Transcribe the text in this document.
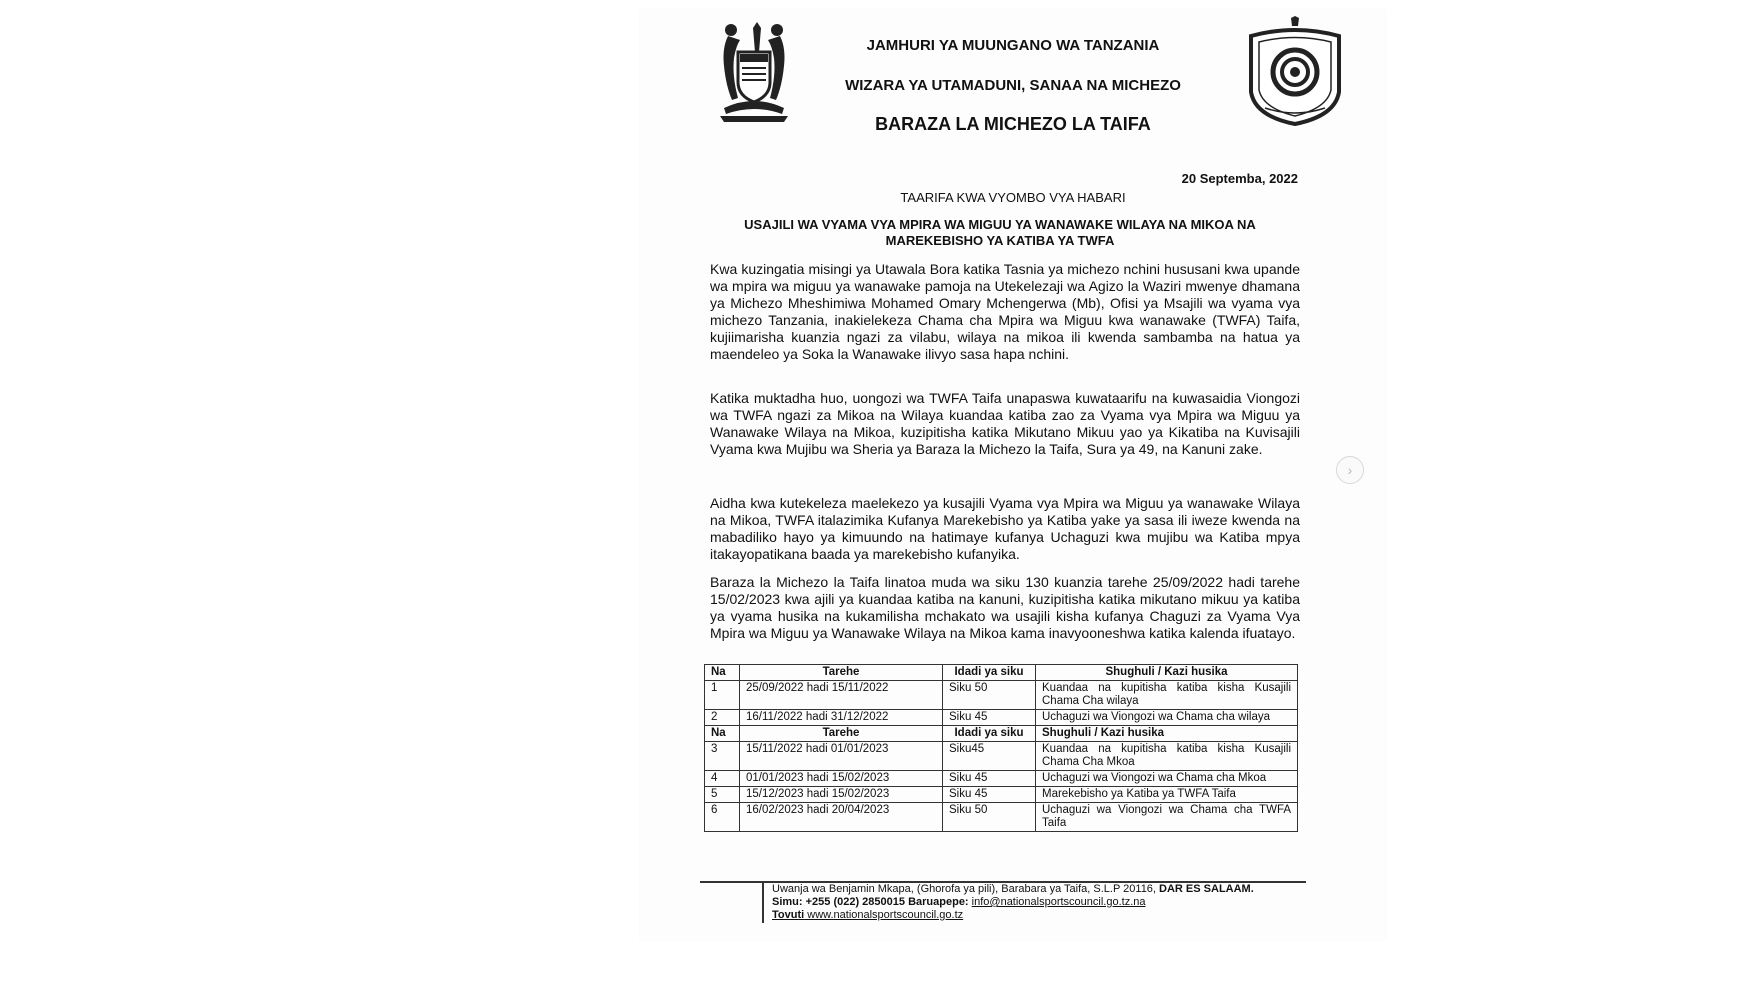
JAMHURI YA MUUNGANO WA TANZANIA
WIZARA YA UTAMADUNI, SANAA NA MICHEZO
BARAZA LA MICHEZO LA TAIFA
20 Septemba, 2022
TAARIFA KWA VYOMBO VYA HABARI
USAJILI WA VYAMA VYA MPIRA WA MIGUU YA WANAWAKE WILAYA NA MIKOA NA MAREKEBISHO YA KATIBA YA TWFA

Kwa kuzingatia misingi ya Utawala Bora katika Tasnia ya michezo nchini hususani kwa upande wa mpira wa miguu ya wanawake pamoja na Utekelezaji wa Agizo la Waziri mwenye dhamana ya Michezo Mheshimiwa Mohamed Omary Mchengerwa (Mb), Ofisi ya Msajili wa vyama vya michezo Tanzania, inakielekeza Chama cha Mpira wa Miguu kwa wanawake (TWFA) Taifa, kujiimarisha kuanzia ngazi za vilabu, wilaya na mikoa ili kwenda sambamba na hatua ya maendeleo ya Soka la Wanawake ilivyo sasa hapa nchini.

Katika muktadha huo, uongozi wa TWFA Taifa unapaswa kuwataarifu na kuwasaidia Viongozi wa TWFA ngazi za Mikoa na Wilaya kuandaa katiba zao za Vyama vya Mpira wa Miguu ya Wanawake Wilaya na Mikoa, kuzipitisha katika Mikutano Mikuu yao ya Kikatiba na Kuvisajili Vyama kwa Mujibu wa Sheria ya Baraza la Michezo la Taifa, Sura ya 49, na Kanuni zake.

Aidha kwa kutekeleza maelekezo ya kusajili Vyama vya Mpira wa Miguu ya wanawake Wilaya na Mikoa, TWFA italazimika Kufanya Marekebisho ya Katiba yake ya sasa ili iweze kwenda na mabadiliko hayo ya kimuundo na hatimaye kufanya Uchaguzi kwa mujibu wa Katiba mpya itakayopatikana baada ya marekebisho kufanyika.

Baraza la Michezo la Taifa linatoa muda wa siku 130 kuanzia tarehe 25/09/2022 hadi tarehe 15/02/2023 kwa ajili ya kuandaa katiba na kanuni, kuzipitisha katika mikutano mikuu ya katiba ya vyama husika na kukamilisha mchakato wa usajili kisha kufanya Chaguzi za Vyama Vya Mpira wa Miguu ya Wanawake Wilaya na Mikoa kama inavyooneshwa katika kalenda ifuatayo.

Na	Tarehe	Idadi ya siku	Shughuli / Kazi husika
1	25/09/2022 hadi 15/11/2022	Siku 50	Kuandaa na kupitisha katiba kisha Kusajili Chama Cha wilaya
2	16/11/2022 hadi 31/12/2022	Siku 45	Uchaguzi wa Viongozi wa Chama cha wilaya
Na	Tarehe	Idadi ya siku	Shughuli / Kazi husika
3	15/11/2022 hadi 01/01/2023	Siku45	Kuandaa na kupitisha katiba kisha Kusajili Chama Cha Mkoa
4	01/01/2023 hadi 15/02/2023	Siku 45	Uchaguzi wa Viongozi wa Chama cha Mkoa
5	15/12/2023 hadi 15/02/2023	Siku 45	Marekebisho ya Katiba ya TWFA Taifa
6	16/02/2023 hadi 20/04/2023	Siku 50	Uchaguzi wa Viongozi wa Chama cha TWFA Taifa
Uwanja wa Benjamin Mkapa, (Ghorofa ya pili), Barabara ya Taifa, S.L.P 20116, DAR ES SALAAM.
Simu: +255 (022) 2850015 Baruapepe: info@nationalsportscouncil.go.tz.na
Tovuti www.nationalsportscouncil.go.tz
›
